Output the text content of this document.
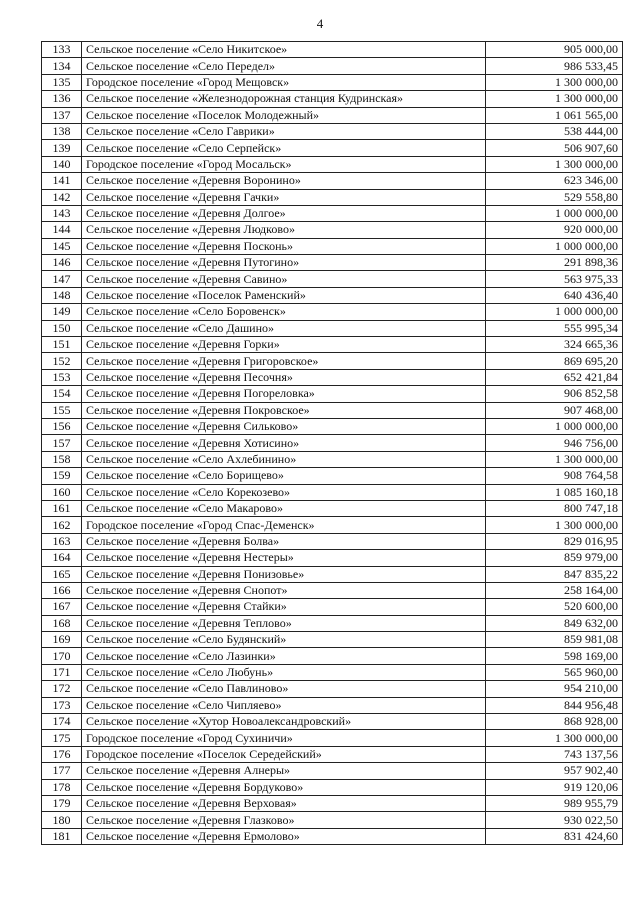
4
133	Сельское поселение «Село Никитское»	905 000,00
134	Сельское поселение «Село Передел»	986 533,45
135	Городское поселение «Город Мещовск»	1 300 000,00
136	Сельское поселение «Железнодорожная станция Кудринская»	1 300 000,00
137	Сельское поселение «Поселок Молодежный»	1 061 565,00
138	Сельское поселение «Село Гаврики»	538 444,00
139	Сельское поселение «Село Серпейск»	506 907,60
140	Городское поселение «Город Мосальск»	1 300 000,00
141	Сельское поселение «Деревня Воронино»	623 346,00
142	Сельское поселение «Деревня Гачки»	529 558,80
143	Сельское поселение «Деревня Долгое»	1 000 000,00
144	Сельское поселение «Деревня Людково»	920 000,00
145	Сельское поселение «Деревня Посконь»	1 000 000,00
146	Сельское поселение «Деревня Путогино»	291 898,36
147	Сельское поселение «Деревня Савино»	563 975,33
148	Сельское поселение «Поселок Раменский»	640 436,40
149	Сельское поселение «Село Боровенск»	1 000 000,00
150	Сельское поселение «Село Дашино»	555 995,34
151	Сельское поселение «Деревня Горки»	324 665,36
152	Сельское поселение «Деревня Григоровское»	869 695,20
153	Сельское поселение «Деревня Песочня»	652 421,84
154	Сельское поселение «Деревня Погореловка»	906 852,58
155	Сельское поселение «Деревня Покровское»	907 468,00
156	Сельское поселение «Деревня Сильково»	1 000 000,00
157	Сельское поселение «Деревня Хотисино»	946 756,00
158	Сельское поселение «Село Ахлебинино»	1 300 000,00
159	Сельское поселение «Село Борищево»	908 764,58
160	Сельское поселение «Село Корекозево»	1 085 160,18
161	Сельское поселение «Село Макарово»	800 747,18
162	Городское поселение «Город Спас-Деменск»	1 300 000,00
163	Сельское поселение «Деревня Болва»	829 016,95
164	Сельское поселение «Деревня Нестеры»	859 979,00
165	Сельское поселение «Деревня Понизовье»	847 835,22
166	Сельское поселение «Деревня Снопот»	258 164,00
167	Сельское поселение «Деревня Стайки»	520 600,00
168	Сельское поселение «Деревня Теплово»	849 632,00
169	Сельское поселение «Село Будянский»	859 981,08
170	Сельское поселение «Село Лазинки»	598 169,00
171	Сельское поселение «Село Любунь»	565 960,00
172	Сельское поселение «Село Павлиново»	954 210,00
173	Сельское поселение «Село Чипляево»	844 956,48
174	Сельское поселение «Хутор Новоалександровский»	868 928,00
175	Городское поселение «Город Сухиничи»	1 300 000,00
176	Городское поселение «Поселок Середейский»	743 137,56
177	Сельское поселение «Деревня Алнеры»	957 902,40
178	Сельское поселение «Деревня Бордуково»	919 120,06
179	Сельское поселение «Деревня Верховая»	989 955,79
180	Сельское поселение «Деревня Глазково»	930 022,50
181	Сельское поселение «Деревня Ермолово»	831 424,60
